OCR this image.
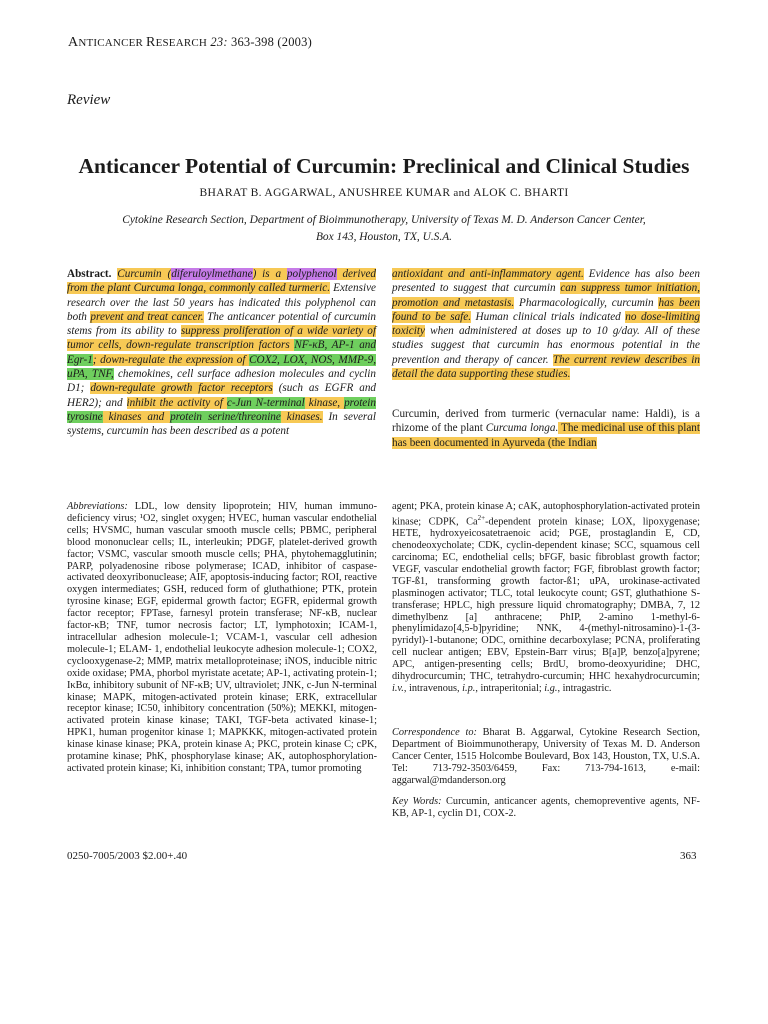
ANTICANCER RESEARCH 23: 363-398 (2003)
Review
Anticancer Potential of Curcumin: Preclinical and Clinical Studies
BHARAT B. AGGARWAL, ANUSHREE KUMAR and ALOK C. BHARTI
Cytokine Research Section, Department of Bioimmunotherapy, University of Texas M. D. Anderson Cancer Center,
Box 143, Houston, TX, U.S.A.
Abstract. Curcumin (diferuloylmethane) is a polyphenol derived from the plant Curcuma longa, commonly called turmeric. Extensive research over the last 50 years has indicated this polyphenol can both prevent and treat cancer. The anticancer potential of curcumin stems from its ability to suppress proliferation of a wide variety of tumor cells, down-regulate transcription factors NF-κB, AP-1 and Egr-1; down-regulate the expression of COX2, LOX, NOS, MMP-9, uPA, TNF, chemokines, cell surface adhesion molecules and cyclin D1; down-regulate growth factor receptors (such as EGFR and HER2); and inhibit the activity of c-Jun N-terminal kinase, protein tyrosine kinases and protein serine/threonine kinases. In several systems, curcumin has been described as a potent
antioxidant and anti-inflammatory agent. Evidence has also been presented to suggest that curcumin can suppress tumor initiation, promotion and metastasis. Pharmacologically, curcumin has been found to be safe. Human clinical trials indicated no dose-limiting toxicity when administered at doses up to 10 g/day. All of these studies suggest that curcumin has enormous potential in the prevention and therapy of cancer. The current review describes in detail the data supporting these studies.
Curcumin, derived from turmeric (vernacular name: Haldi), is a rhizome of the plant Curcuma longa. The medicinal use of this plant has been documented in Ayurveda (the Indian
Abbreviations: LDL, low density lipoprotein; HIV, human immuno-deficiency virus; ¹O2, singlet oxygen; HVEC, human vascular endothelial cells; HVSMC, human vascular smooth muscle cells; PBMC, peripheral blood mononuclear cells; IL, interleukin; PDGF, platelet-derived growth factor; VSMC, vascular smooth muscle cells; PHA, phytohemagglutinin; PARP, polyadenosine ribose polymerase; ICAD, inhibitor of caspase-activated deoxyribonuclease; AIF, apoptosis-inducing factor; ROI, reactive oxygen intermediates; GSH, reduced form of gluthathione; PTK, protein tyrosine kinase; EGF, epidermal growth factor; EGFR, epidermal growth factor receptor; FPTase, farnesyl protein transferase; NF-κB, nuclear factor-κB; TNF, tumor necrosis factor; LT, lymphotoxin; ICAM-1, intracellular adhesion molecule-1; VCAM-1, vascular cell adhesion molecule-1; ELAM- 1, endothelial leukocyte adhesion molecule-1; COX2, cyclooxygenase-2; MMP, matrix metalloproteinase; iNOS, inducible nitric oxide oxidase; PMA, phorbol myristate acetate; AP-1, activating protein-1; IκBα, inhibitory subunit of NF-κB; UV, ultraviolet; JNK, c-Jun N-terminal kinase; MAPK, mitogen-activated protein kinase; ERK, extracellular receptor kinase; IC50, inhibitory concentration (50%); MEKKI, mitogen-activated protein kinase kinase; TAKI, TGF-beta activated kinase-1; HPK1, human progenitor kinase 1; MAPKKK, mitogen-activated protein kinase kinase kinase; PKA, protein kinase A; PKC, protein kinase C; cPK, protamine kinase; PhK, phosphorylase kinase; AK, autophosphorylation-activated protein kinase; Ki, inhibition constant; TPA, tumor promoting
agent; PKA, protein kinase A; cAK, autophosphorylation-activated protein kinase; CDPK, $Ca^{2+}$-dependent protein kinase; LOX, lipoxygenase; HETE, hydroxyeicosatetraenoic acid; PGE, prostaglandin E, CD, chenodeoxycholate; CDK, cyclin-dependent kinase; SCC, squamous cell carcinoma; EC, endothelial cells; bFGF, basic fibroblast growth factor; VEGF, vascular endothelial growth factor; FGF, fibroblast growth factor; TGF-ß1, transforming growth factor-ß1; uPA, urokinase-activated plasminogen activator; TLC, total leukocyte count; GST, gluthathione S-transferase; HPLC, high pressure liquid chromatography; DMBA, 7, 12 dimethylbenz [a] anthracene; PhIP, 2-amino 1-methyl-6-phenylimidazo[4,5-b]pyridine; NNK, 4-(methyl-nitrosamino)-1-(3-pyridyl)-1-butanone; ODC, ornithine decarboxylase; PCNA, proliferating cell nuclear antigen; EBV, Epstein-Barr virus; B[a]P, benzo[a]pyrene; APC, antigen-presenting cells; BrdU, bromo-deoxyuridine; DHC, dihydrocurcumin; THC, tetrahydro-curcumin; HHC hexahydrocurcumin; i.v., intravenous, i.p., intraperitonial; i.g., intragastric.
Correspondence to: Bharat B. Aggarwal, Cytokine Research Section, Department of Bioimmunotherapy, University of Texas M. D. Anderson Cancer Center, 1515 Holcombe Boulevard, Box 143, Houston, TX, U.S.A. Tel: 713-792-3503/6459, Fax: 713-794-1613, e-mail: aggarwal@mdanderson.org
Key Words: Curcumin, anticancer agents, chemopreventive agents, NF-KB, AP-1, cyclin D1, COX-2.
0250-7005/2003 $2.00+.40	363
